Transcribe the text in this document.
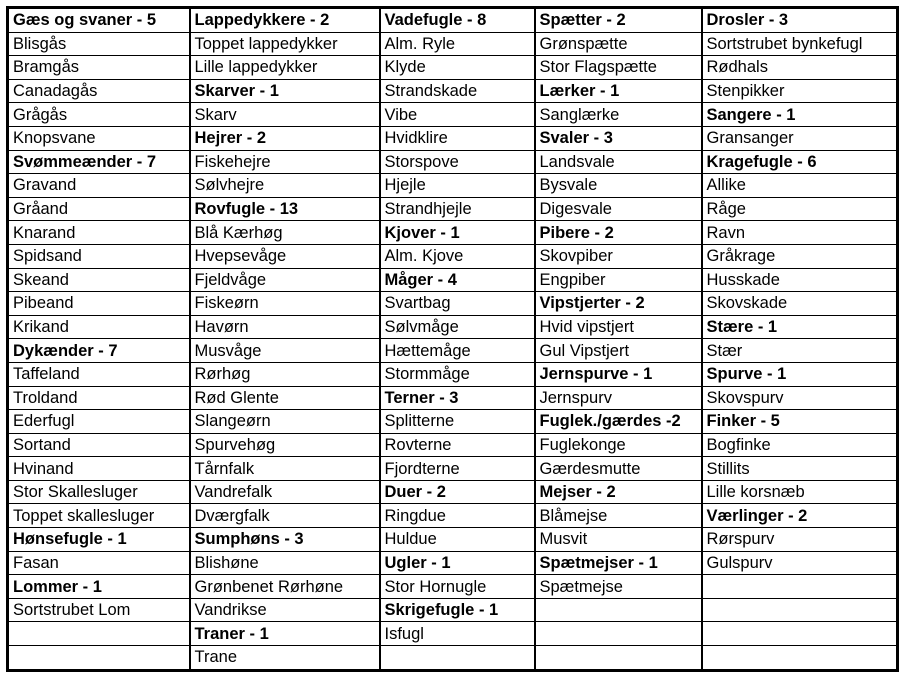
Gæs og svaner - 5	Lappedykkere - 2	Vadefugle - 8	Spætter - 2	Drosler - 3
Blisgås	Toppet lappedykker	Alm. Ryle	Grønspætte	Sortstrubet bynkefugl
Bramgås	Lille lappedykker	Klyde	Stor Flagspætte	Rødhals
Canadagås	Skarver - 1	Strandskade	Lærker - 1	Stenpikker
Grågås	Skarv	Vibe	Sanglærke	Sangere - 1
Knopsvane	Hejrer - 2	Hvidklire	Svaler - 3	Gransanger
Svømmeænder - 7	Fiskehejre	Storspove	Landsvale	Kragefugle - 6
Gravand	Sølvhejre	Hjejle	Bysvale	Allike
Gråand	Rovfugle - 13	Strandhjejle	Digesvale	Råge
Knarand	Blå Kærhøg	Kjover - 1	Pibere - 2	Ravn
Spidsand	Hvepsevåge	Alm. Kjove	Skovpiber	Gråkrage
Skeand	Fjeldvåge	Måger - 4	Engpiber	Husskade
Pibeand	Fiskeørn	Svartbag	Vipstjerter - 2	Skovskade
Krikand	Havørn	Sølvmåge	Hvid vipstjert	Stære - 1
Dykænder - 7	Musvåge	Hættemåge	Gul Vipstjert	Stær
Taffeland	Rørhøg	Stormmåge	Jernspurve - 1	Spurve - 1
Troldand	Rød Glente	Terner - 3	Jernspurv	Skovspurv
Ederfugl	Slangeørn	Splitterne	Fuglek./gærdes -2	Finker - 5
Sortand	Spurvehøg	Rovterne	Fuglekonge	Bogfinke
Hvinand	Tårnfalk	Fjordterne	Gærdesmutte	Stillits
Stor Skallesluger	Vandrefalk	Duer - 2	Mejser - 2	Lille korsnæb
Toppet skallesluger	Dværgfalk	Ringdue	Blåmejse	Værlinger - 2
Hønsefugle - 1	Sumphøns - 3	Huldue	Musvit	Rørspurv
Fasan	Blishøne	Ugler - 1	Spætmejser - 1	Gulspurv
Lommer - 1	Grønbenet Rørhøne	Stor Hornugle	Spætmejse	
Sortstrubet Lom	Vandrikse	Skrigefugle - 1		
	Traner - 1	Isfugl		
	Trane			
